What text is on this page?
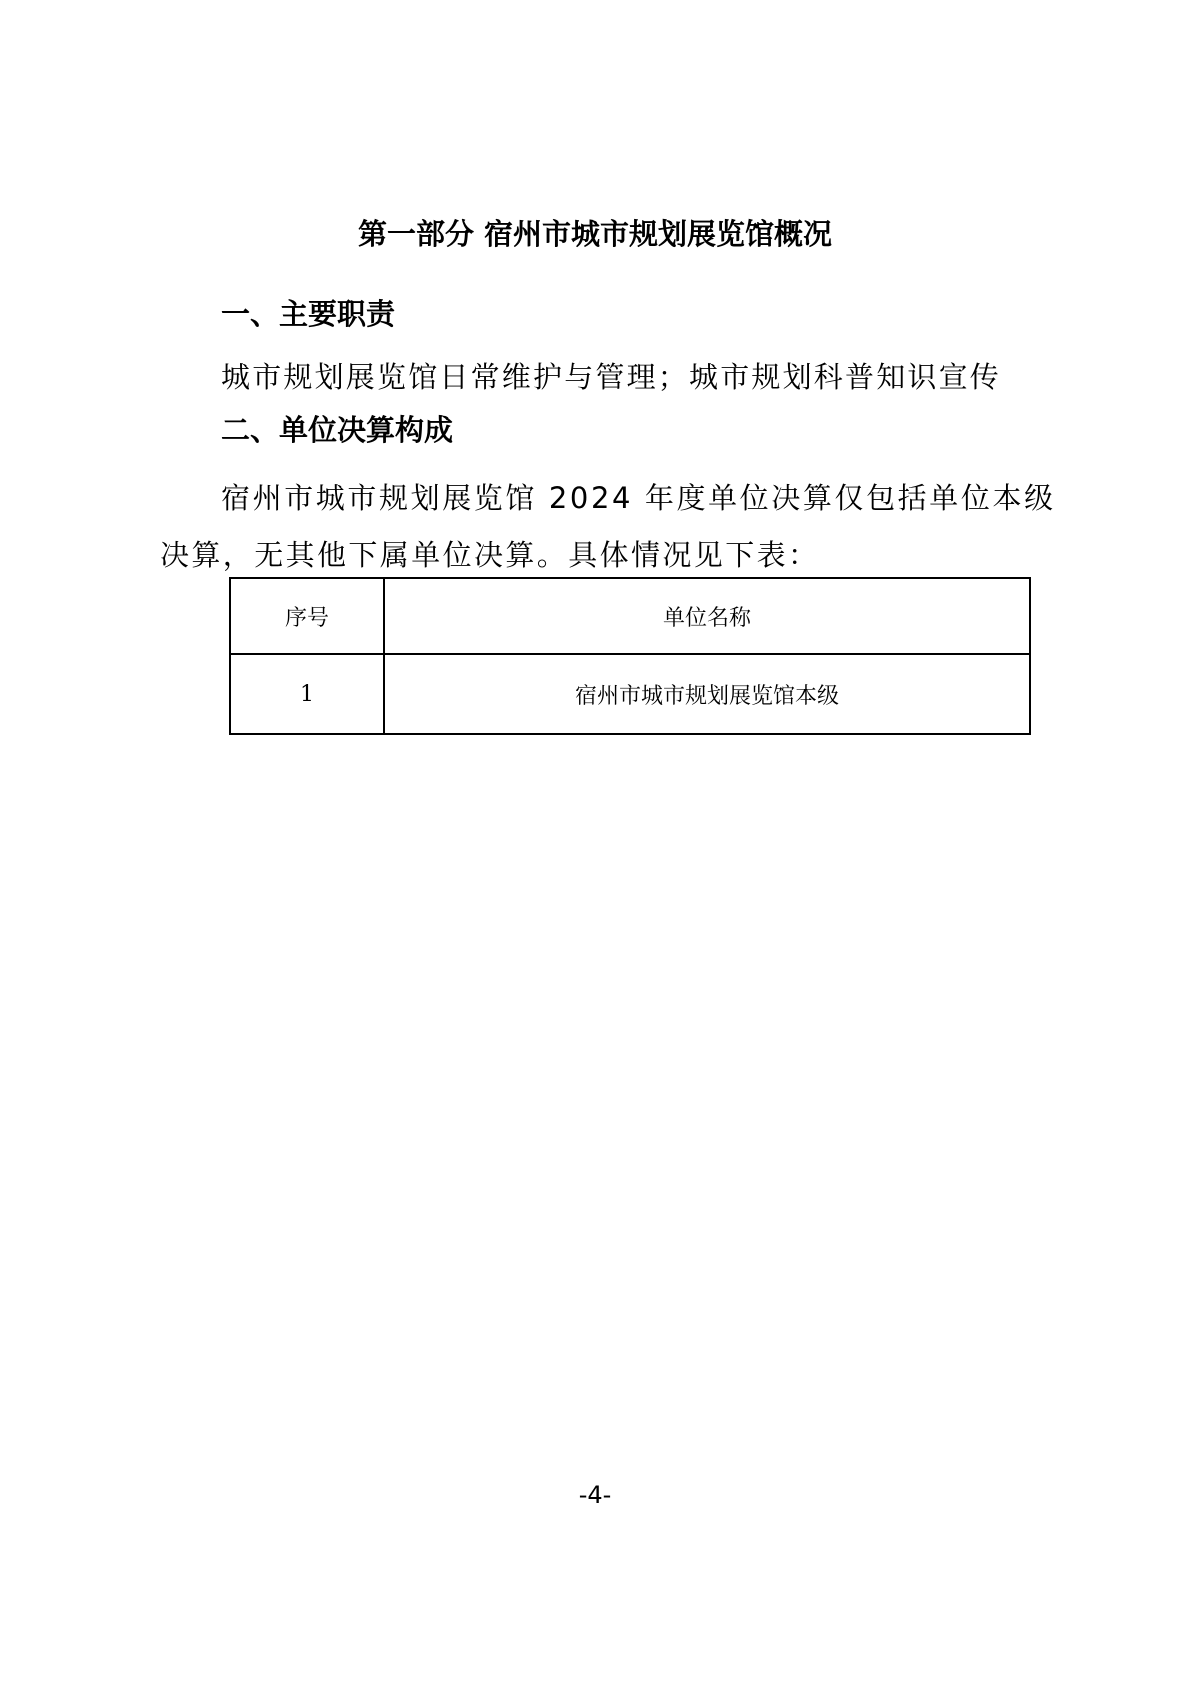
第一部分 宿州市城市规划展览馆概况
一、主要职责
城市规划展览馆日常维护与管理；城市规划科普知识宣传
二、单位决算构成
宿州市城市规划展览馆 2024 年度单位决算仅包括单位本级
决算，无其他下属单位决算。具体情况见下表：
序号	单位名称
1	宿州市城市规划展览馆本级
-4-
